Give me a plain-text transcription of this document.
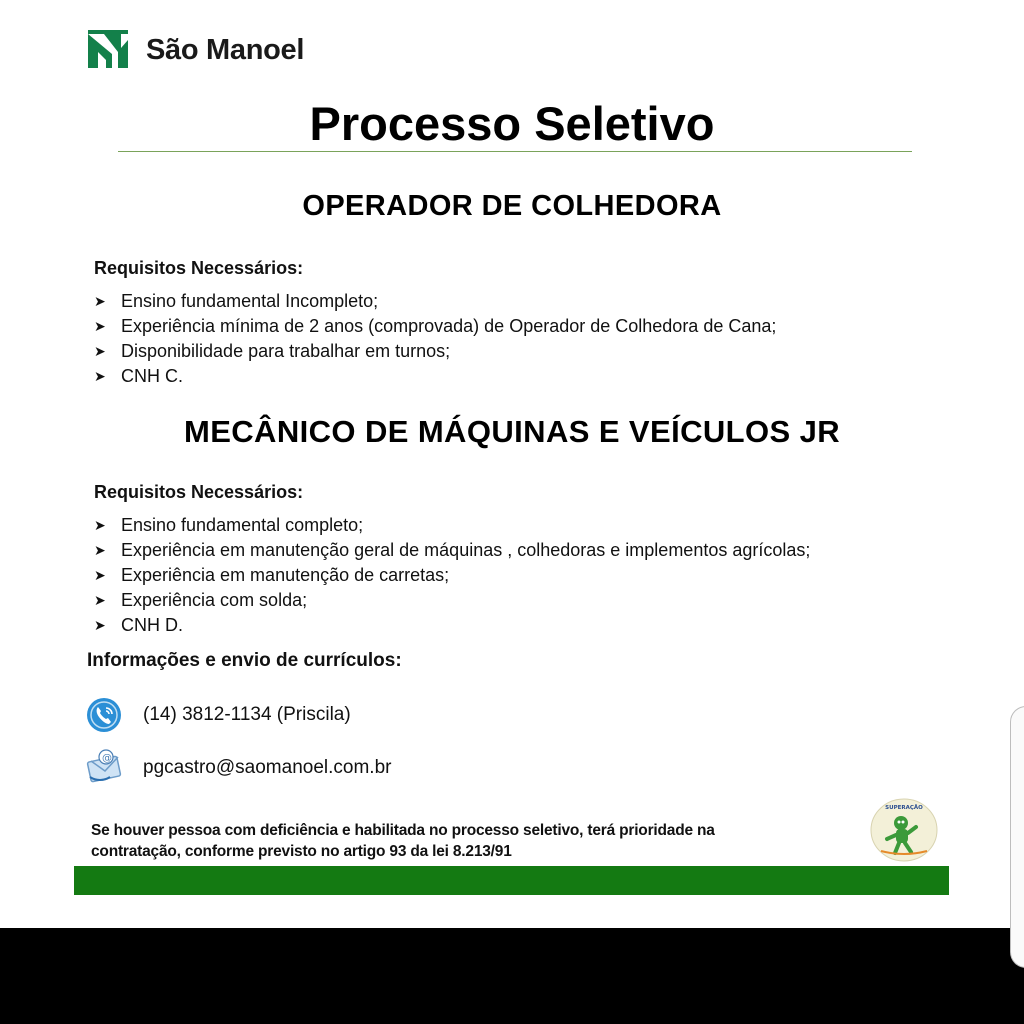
São Manoel
Processo Seletivo
OPERADOR DE COLHEDORA
Requisitos Necessários:
➤ Ensino fundamental Incompleto;
➤ Experiência mínima de 2 anos (comprovada) de Operador de Colhedora de Cana;
➤ Disponibilidade para trabalhar em turnos;
➤ CNH C.
MECÂNICO DE MÁQUINAS E VEÍCULOS JR
Requisitos Necessários:
➤ Ensino fundamental completo;
➤ Experiência em manutenção geral de máquinas , colhedoras e implementos agrícolas;
➤ Experiência em manutenção de carretas;
➤ Experiência com solda;
➤ CNH D.
Informações e envio de currículos:
(14) 3812-1134 (Priscila)
@ pgcastro@saomanoel.com.br
Se houver pessoa com deficiência e habilitada no processo seletivo, terá prioridade na contratação, conforme previsto no artigo 93 da lei 8.213/91
SUPERAÇÃO
